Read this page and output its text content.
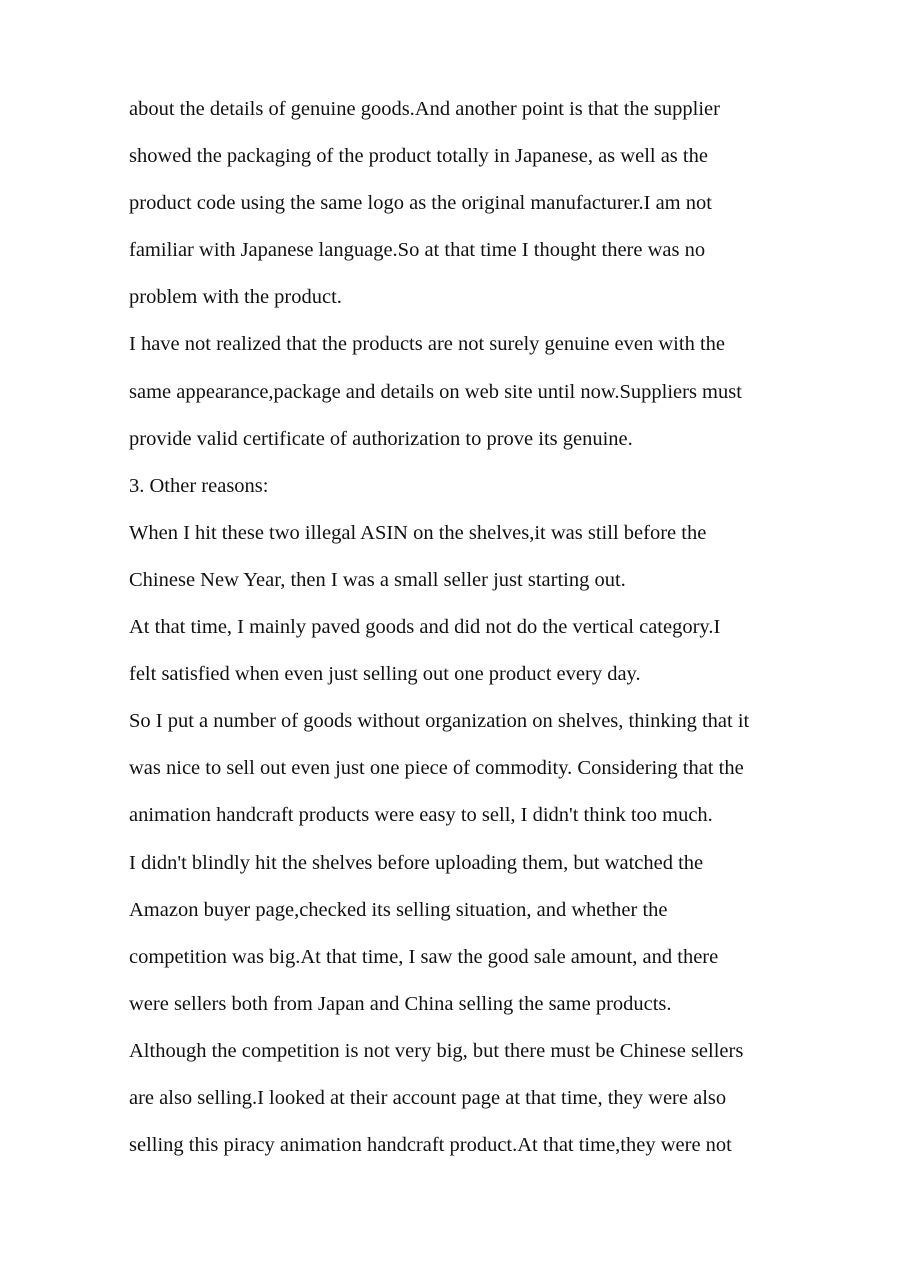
about the details of genuine goods.And another point is that the supplier
showed the packaging of the product totally in Japanese, as well as the
product code using the same logo as the original manufacturer.I am not
familiar with Japanese language.So at that time I thought there was no
problem with the product.
I have not realized that the products are not surely genuine even with the
same appearance,package and details on web site until now.Suppliers must
provide valid certificate of authorization to prove its genuine.
3. Other reasons:
When I hit these two illegal ASIN on the shelves,it was still before the
Chinese New Year, then I was a small seller just starting out.
At that time, I mainly paved goods and did not do the vertical category.I
felt satisfied when even just selling out one product every day.
So I put a number of goods without organization on shelves, thinking that it
was nice to sell out even just one piece of commodity. Considering that the
animation handcraft products were easy to sell, I didn't think too much.
I didn't blindly hit the shelves before uploading them, but watched the
Amazon buyer page,checked its selling situation, and whether the
competition was big.At that time, I saw the good sale amount, and there
were sellers both from Japan and China selling the same products.
Although the competition is not very big, but there must be Chinese sellers
are also selling.I looked at their account page at that time, they were also
selling this piracy animation handcraft product.At that time,they were not
